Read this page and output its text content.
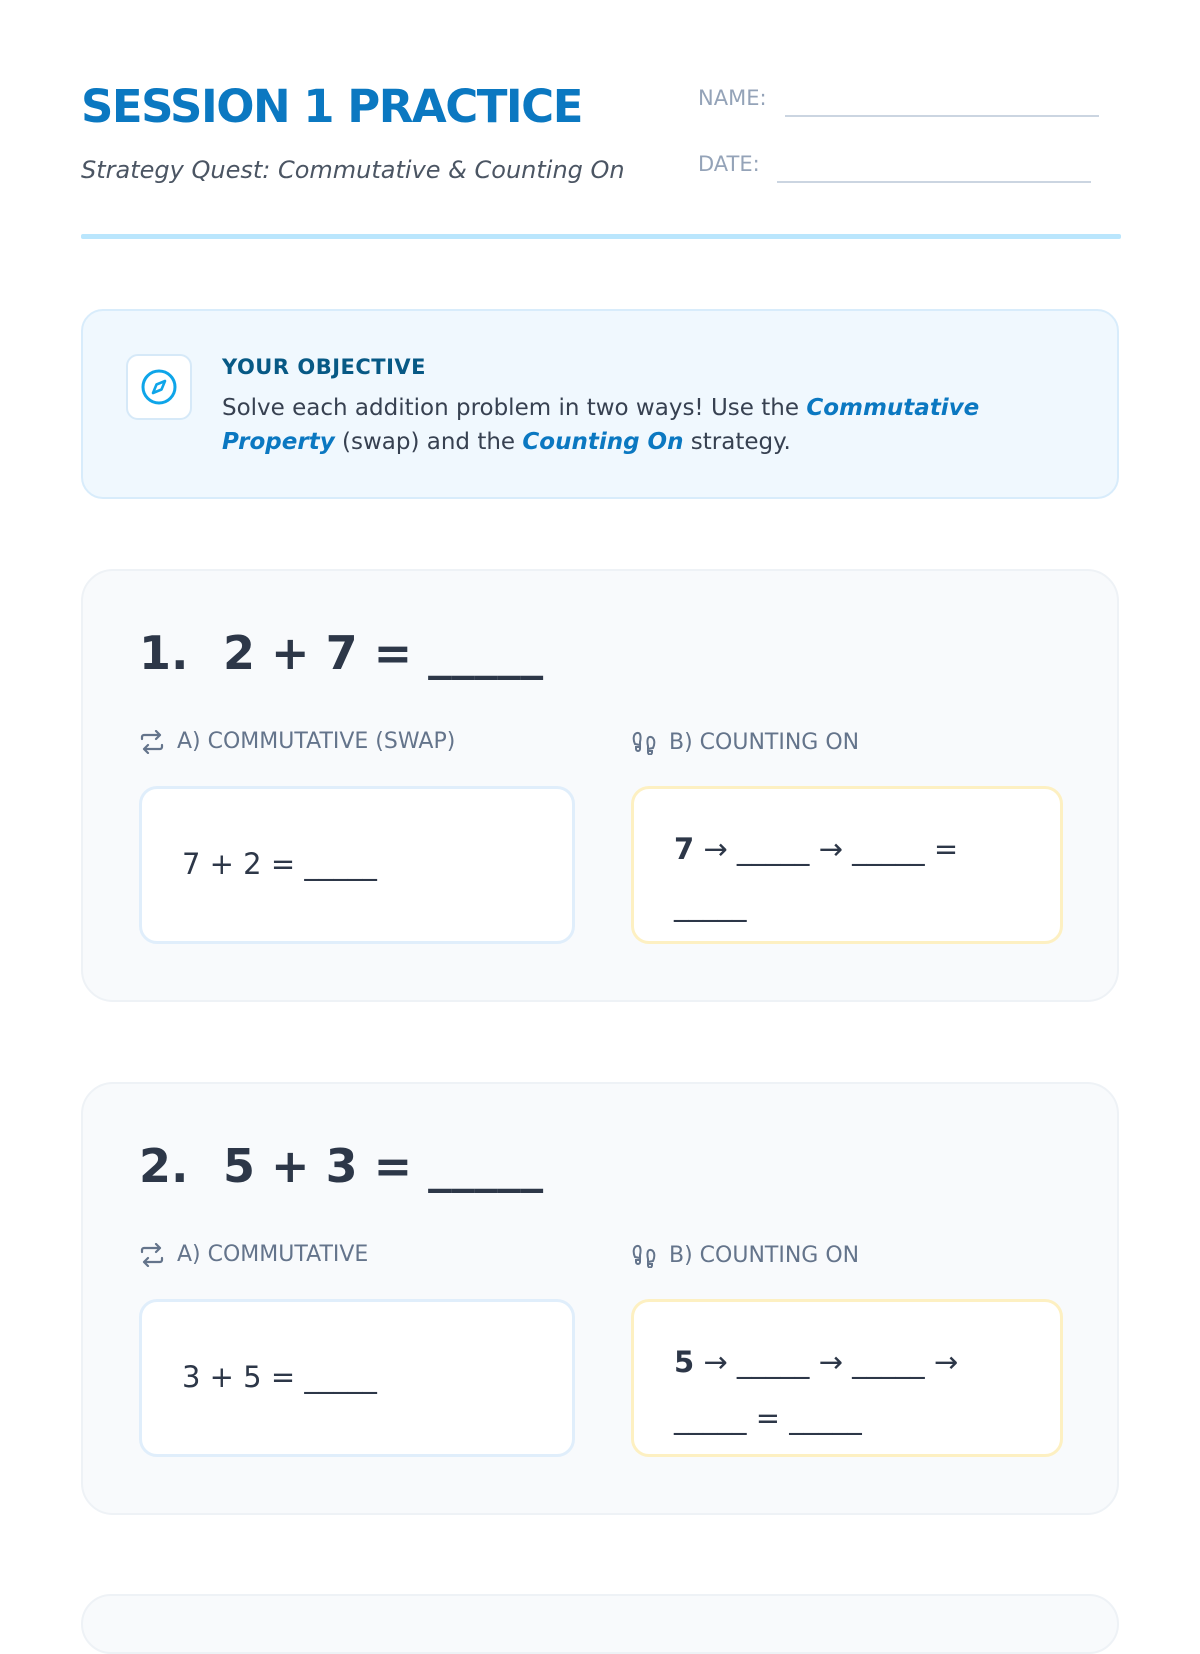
SESSION 1 PRACTICE
Strategy Quest: Commutative & Counting On
NAME:
DATE:
YOUR OBJECTIVE
Solve each addition problem in two ways! Use the Commutative Property (swap) and the Counting On strategy.
1. 2 + 7 = _____
A) COMMUTATIVE (SWAP)	B) COUNTING ON
7 + 2 = _____	7 → _____ → _____ = _____
2. 5 + 3 = _____
A) COMMUTATIVE	B) COUNTING ON
3 + 5 = _____	5 → _____ → _____ → _____ = _____
